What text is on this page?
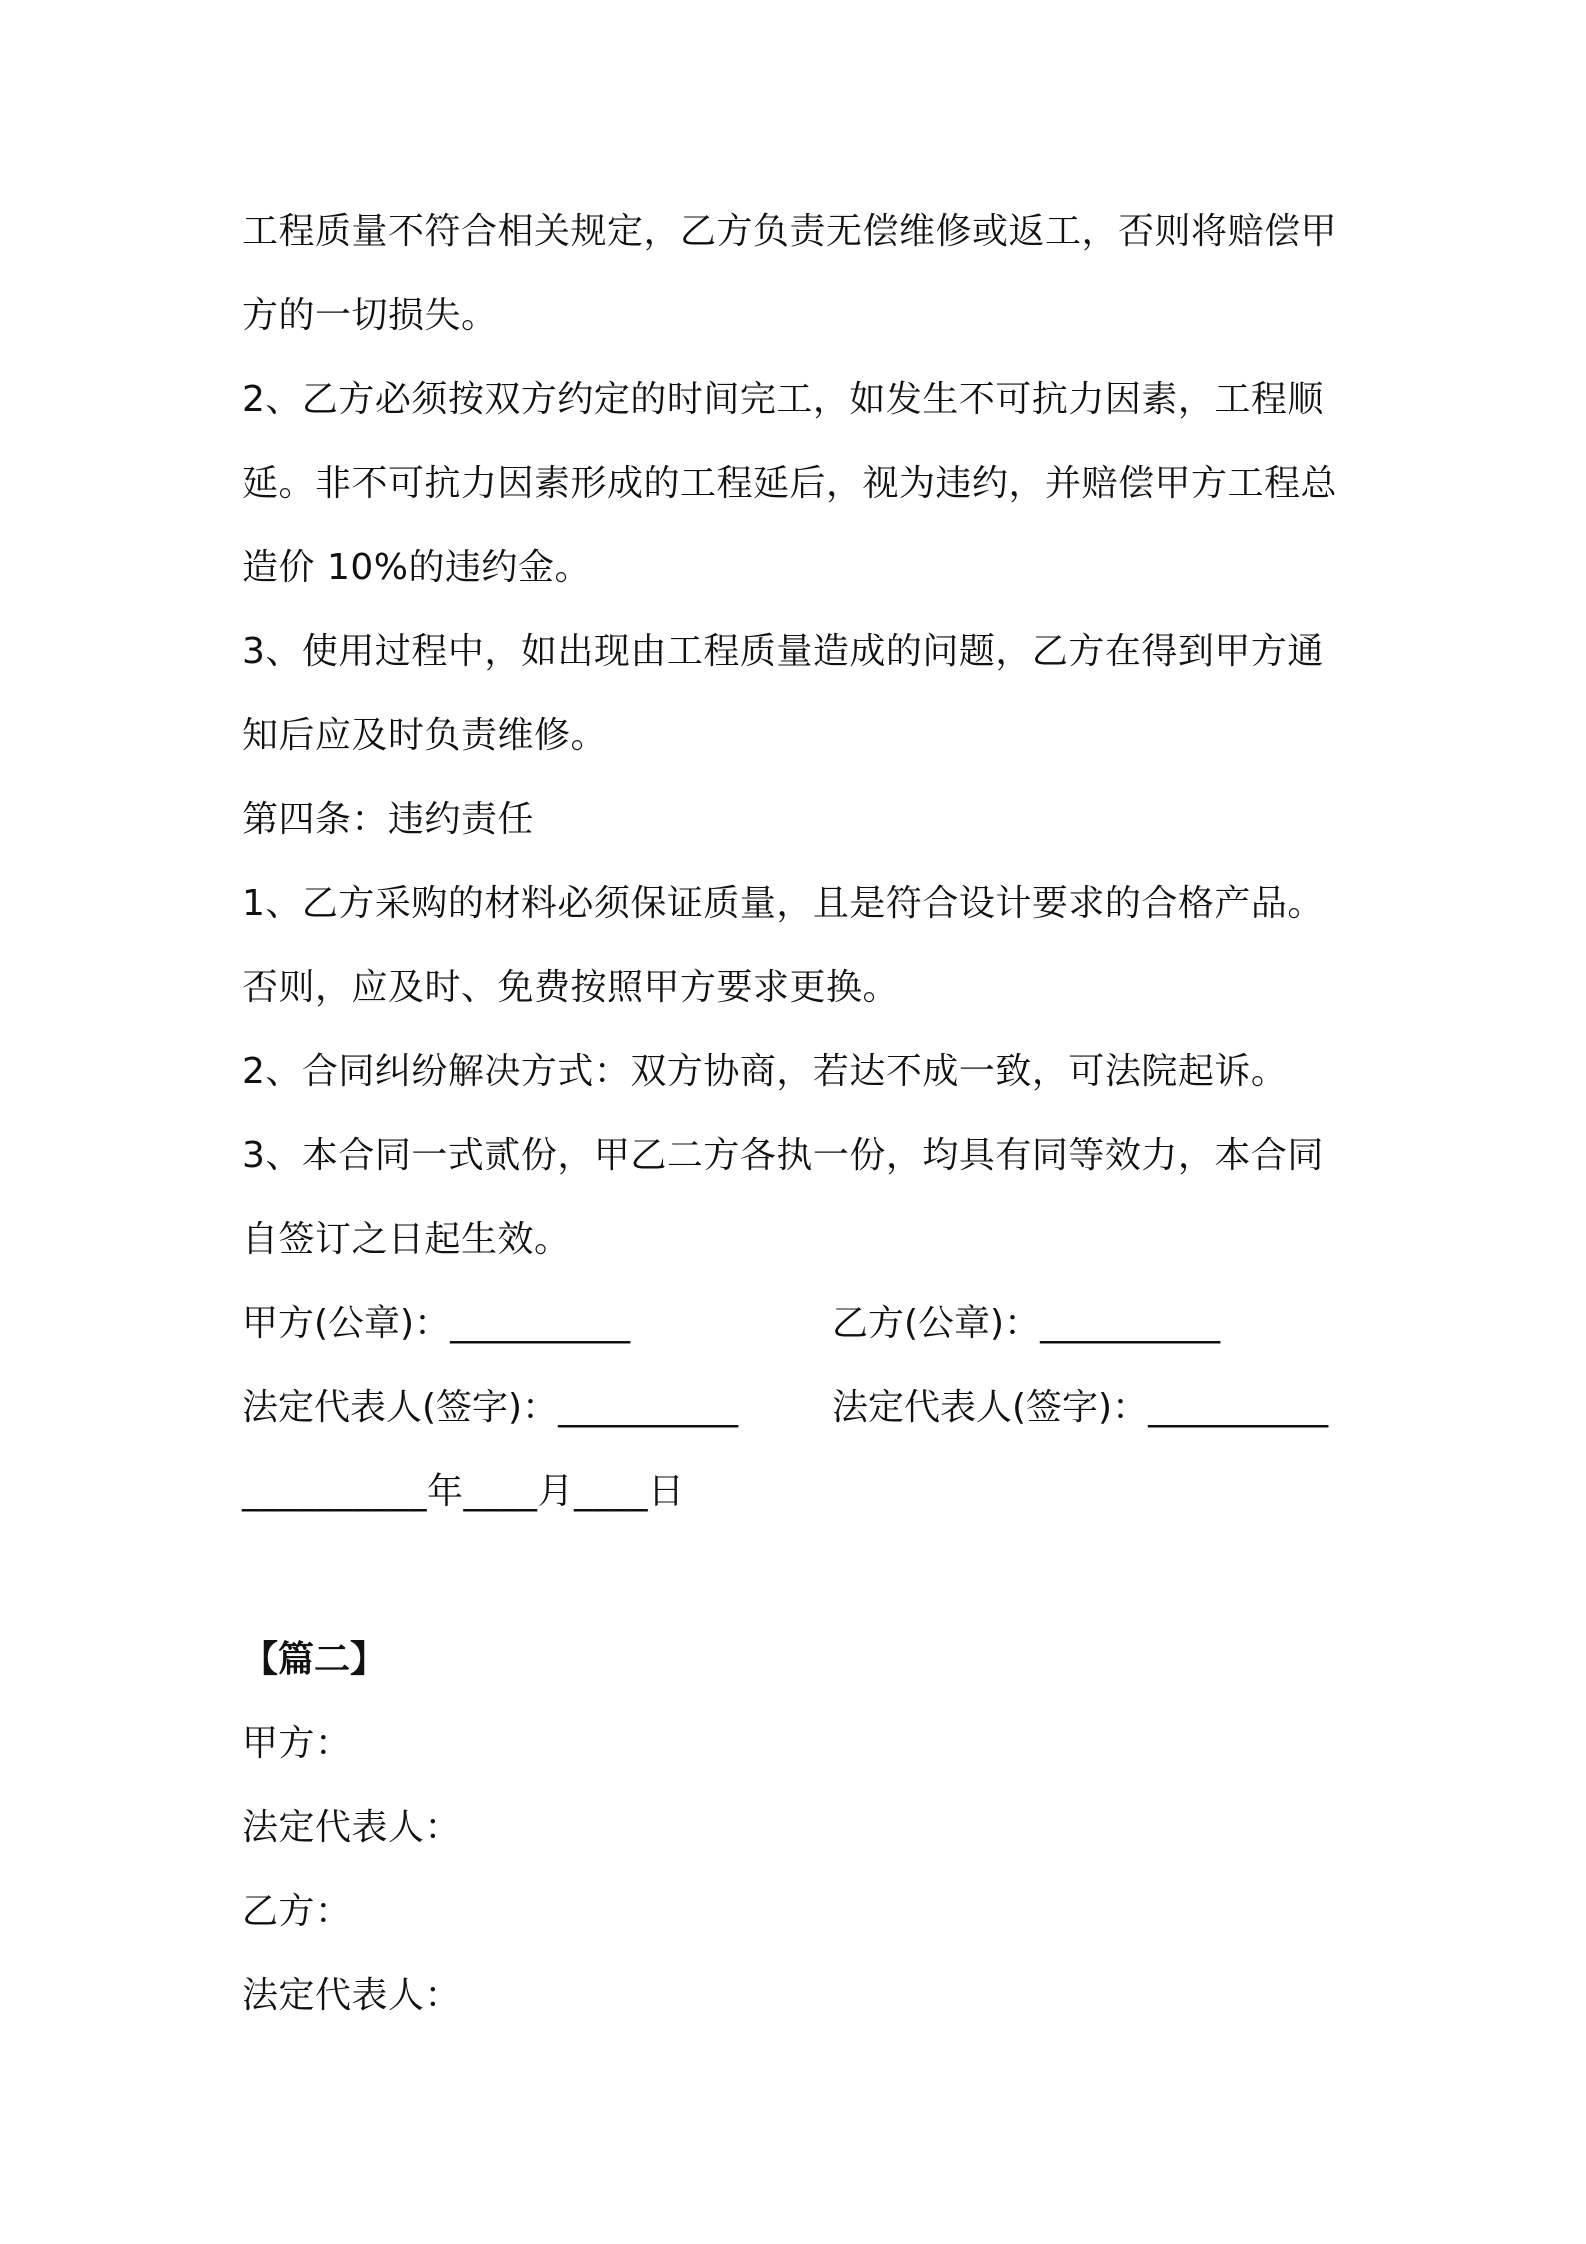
工程质量不符合相关规定，乙方负责无偿维修或返工，否则将赔偿甲
方的一切损失。
2、乙方必须按双方约定的时间完工，如发生不可抗力因素，工程顺
延。非不可抗力因素形成的工程延后，视为违约，并赔偿甲方工程总
造价 10%的违约金。
3、使用过程中，如出现由工程质量造成的问题，乙方在得到甲方通
知后应及时负责维修。
第四条：违约责任
1、乙方采购的材料必须保证质量，且是符合设计要求的合格产品。
否则，应及时、免费按照甲方要求更换。
2、合同纠纷解决方式：双方协商，若达不成一致，可法院起诉。
3、本合同一式贰份，甲乙二方各执一份，均具有同等效力，本合同
自签订之日起生效。
甲方(公章)：__________	乙方(公章)：__________
法定代表人(签字)：__________	法定代表人(签字)：__________
__________年____月____日
【篇二】
甲方：
法定代表人：
乙方：
法定代表人：
